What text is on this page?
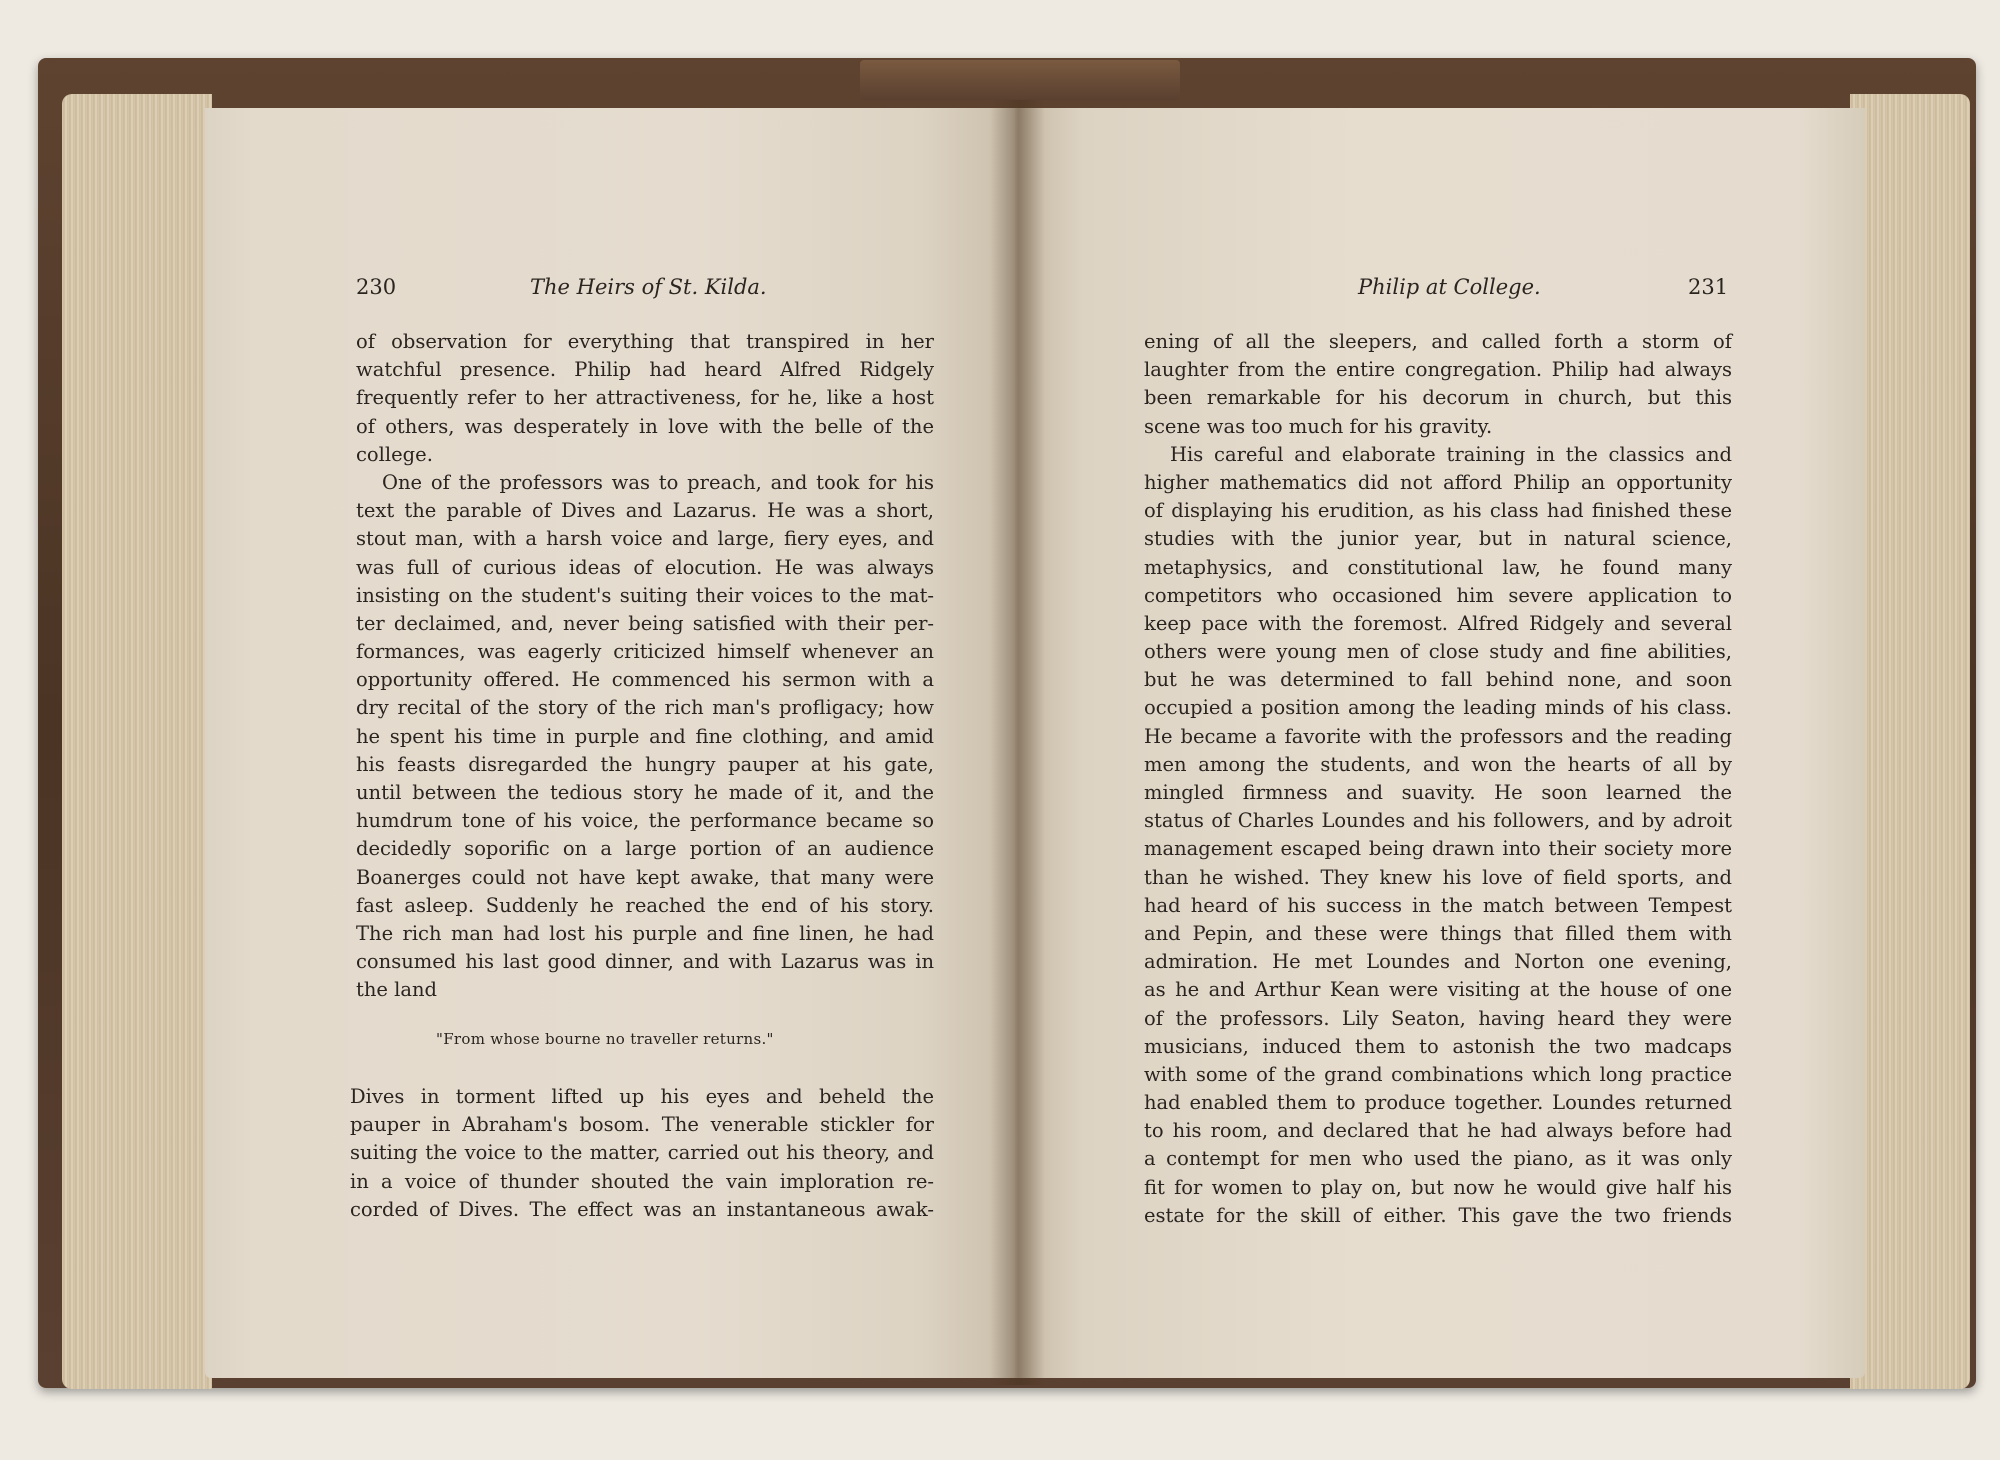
230	The Heirs of St. Kilda.	Philip at College.	231
of observation for everything that transpired in her
watchful presence. Philip had heard Alfred Ridgely
frequently refer to her attractiveness, for he, like a host
of others, was desperately in love with the belle of the
college.
One of the professors was to preach, and took for his
text the parable of Dives and Lazarus. He was a short,
stout man, with a harsh voice and large, fiery eyes, and
was full of curious ideas of elocution. He was always
insisting on the student's suiting their voices to the mat-
ter declaimed, and, never being satisfied with their per-
formances, was eagerly criticized himself whenever an
opportunity offered. He commenced his sermon with a
dry recital of the story of the rich man's profligacy; how
he spent his time in purple and fine clothing, and amid
his feasts disregarded the hungry pauper at his gate,
until between the tedious story he made of it, and the
humdrum tone of his voice, the performance became so
decidedly soporific on a large portion of an audience
Boanerges could not have kept awake, that many were
fast asleep. Suddenly he reached the end of his story.
The rich man had lost his purple and fine linen, he had
consumed his last good dinner, and with Lazarus was in
the land
"From whose bourne no traveller returns."
Dives in torment lifted up his eyes and beheld the
pauper in Abraham's bosom. The venerable stickler for
suiting the voice to the matter, carried out his theory, and
in a voice of thunder shouted the vain imploration re-
corded of Dives. The effect was an instantaneous awak-
ening of all the sleepers, and called forth a storm of
laughter from the entire congregation. Philip had always
been remarkable for his decorum in church, but this
scene was too much for his gravity.
His careful and elaborate training in the classics and
higher mathematics did not afford Philip an opportunity
of displaying his erudition, as his class had finished these
studies with the junior year, but in natural science,
metaphysics, and constitutional law, he found many
competitors who occasioned him severe application to
keep pace with the foremost. Alfred Ridgely and several
others were young men of close study and fine abilities,
but he was determined to fall behind none, and soon
occupied a position among the leading minds of his class.
He became a favorite with the professors and the reading
men among the students, and won the hearts of all by
mingled firmness and suavity. He soon learned the
status of Charles Loundes and his followers, and by adroit
management escaped being drawn into their society more
than he wished. They knew his love of field sports, and
had heard of his success in the match between Tempest
and Pepin, and these were things that filled them with
admiration. He met Loundes and Norton one evening,
as he and Arthur Kean were visiting at the house of one
of the professors. Lily Seaton, having heard they were
musicians, induced them to astonish the two madcaps
with some of the grand combinations which long practice
had enabled them to produce together. Loundes returned
to his room, and declared that he had always before had
a contempt for men who used the piano, as it was only
fit for women to play on, but now he would give half his
estate for the skill of either. This gave the two friends
